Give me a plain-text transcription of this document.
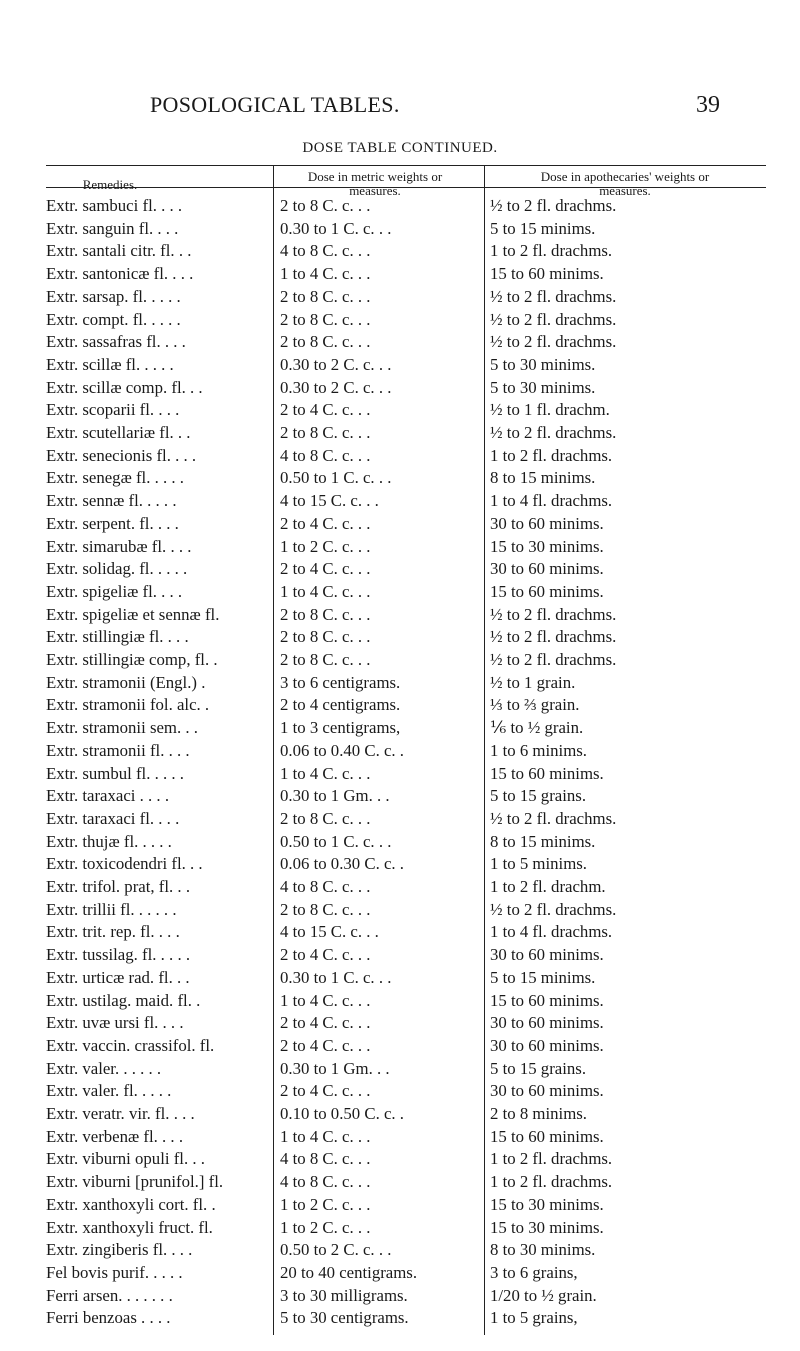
POSOLOGICAL TABLES.	39
DOSE TABLE CONTINUED.
Remedies.
Dose in metric weights or measures.
Dose in apothecaries' weights or measures.
Extr. sambuci fl. . . .	2 to 8 C. c. . .	½ to 2 fl. drachms.
Extr. sanguin fl. . . .	0.30 to 1 C. c. . .	5 to 15 minims.
Extr. santali citr. fl. . .	4 to 8 C. c. . .	1 to 2 fl. drachms.
Extr. santonicæ fl. . . .	1 to 4 C. c. . .	15 to 60 minims.
Extr. sarsap. fl. . . . .	2 to 8 C. c. . .	½ to 2 fl. drachms.
Extr. compt. fl. . . . .	2 to 8 C. c. . .	½ to 2 fl. drachms.
Extr. sassafras fl. . . .	2 to 8 C. c. . .	½ to 2 fl. drachms.
Extr. scillæ fl. . . . .	0.30 to 2 C. c. . .	5 to 30 minims.
Extr. scillæ comp. fl. . .	0.30 to 2 C. c. . .	5 to 30 minims.
Extr. scoparii fl. . . .	2 to 4 C. c. . .	½ to 1 fl. drachm.
Extr. scutellariæ fl. . .	2 to 8 C. c. . .	½ to 2 fl. drachms.
Extr. senecionis fl. . . .	4 to 8 C. c. . .	1 to 2 fl. drachms.
Extr. senegæ fl. . . . .	0.50 to 1 C. c. . .	8 to 15 minims.
Extr. sennæ fl. . . . .	4 to 15 C. c. . .	1 to 4 fl. drachms.
Extr. serpent. fl. . . .	2 to 4 C. c. . .	30 to 60 minims.
Extr. simarubæ fl. . . .	1 to 2 C. c. . .	15 to 30 minims.
Extr. solidag. fl. . . . .	2 to 4 C. c. . .	30 to 60 minims.
Extr. spigeliæ fl. . . .	1 to 4 C. c. . .	15 to 60 minims.
Extr. spigeliæ et sennæ fl.	2 to 8 C. c. . .	½ to 2 fl. drachms.
Extr. stillingiæ fl. . . .	2 to 8 C. c. . .	½ to 2 fl. drachms.
Extr. stillingiæ comp, fl. .	2 to 8 C. c. . .	½ to 2 fl. drachms.
Extr. stramonii (Engl.) .	3 to 6 centigrams.	½ to 1 grain.
Extr. stramonii fol. alc. .	2 to 4 centigrams.	⅓ to ⅔ grain.
Extr. stramonii sem. . .	1 to 3 centigrams,	⅙ to ½ grain.
Extr. stramonii fl. . . .	0.06 to 0.40 C. c. .	1 to 6 minims.
Extr. sumbul fl. . . . .	1 to 4 C. c. . .	15 to 60 minims.
Extr. taraxaci . . . .	0.30 to 1 Gm. . .	5 to 15 grains.
Extr. taraxaci fl. . . .	2 to 8 C. c. . .	½ to 2 fl. drachms.
Extr. thujæ fl. . . . .	0.50 to 1 C. c. . .	8 to 15 minims.
Extr. toxicodendri fl. . .	0.06 to 0.30 C. c. .	1 to 5 minims.
Extr. trifol. prat, fl. . .	4 to 8 C. c. . .	1 to 2 fl. drachm.
Extr. trillii fl. . . . . .	2 to 8 C. c. . .	½ to 2 fl. drachms.
Extr. trit. rep. fl. . . .	4 to 15 C. c. . .	1 to 4 fl. drachms.
Extr. tussilag. fl. . . . .	2 to 4 C. c. . .	30 to 60 minims.
Extr. urticæ rad. fl. . .	0.30 to 1 C. c. . .	5 to 15 minims.
Extr. ustilag. maid. fl. .	1 to 4 C. c. . .	15 to 60 minims.
Extr. uvæ ursi fl. . . .	2 to 4 C. c. . .	30 to 60 minims.
Extr. vaccin. crassifol. fl.	2 to 4 C. c. . .	30 to 60 minims.
Extr. valer. . . . . .	0.30 to 1 Gm. . .	5 to 15 grains.
Extr. valer. fl. . . . .	2 to 4 C. c. . .	30 to 60 minims.
Extr. veratr. vir. fl. . . .	0.10 to 0.50 C. c. .	2 to 8 minims.
Extr. verbenæ fl. . . .	1 to 4 C. c. . .	15 to 60 minims.
Extr. viburni opuli fl. . .	4 to 8 C. c. . .	1 to 2 fl. drachms.
Extr. viburni [prunifol.] fl.	4 to 8 C. c. . .	1 to 2 fl. drachms.
Extr. xanthoxyli cort. fl. .	1 to 2 C. c. . .	15 to 30 minims.
Extr. xanthoxyli fruct. fl.	1 to 2 C. c. . .	15 to 30 minims.
Extr. zingiberis fl. . . .	0.50 to 2 C. c. . .	8 to 30 minims.
Fel bovis purif. . . . .	20 to 40 centigrams.	3 to 6 grains,
Ferri arsen. . . . . . .	3 to 30 milligrams.	1/20 to ½ grain.
Ferri benzoas . . . .	5 to 30 centigrams.	1 to 5 grains,
